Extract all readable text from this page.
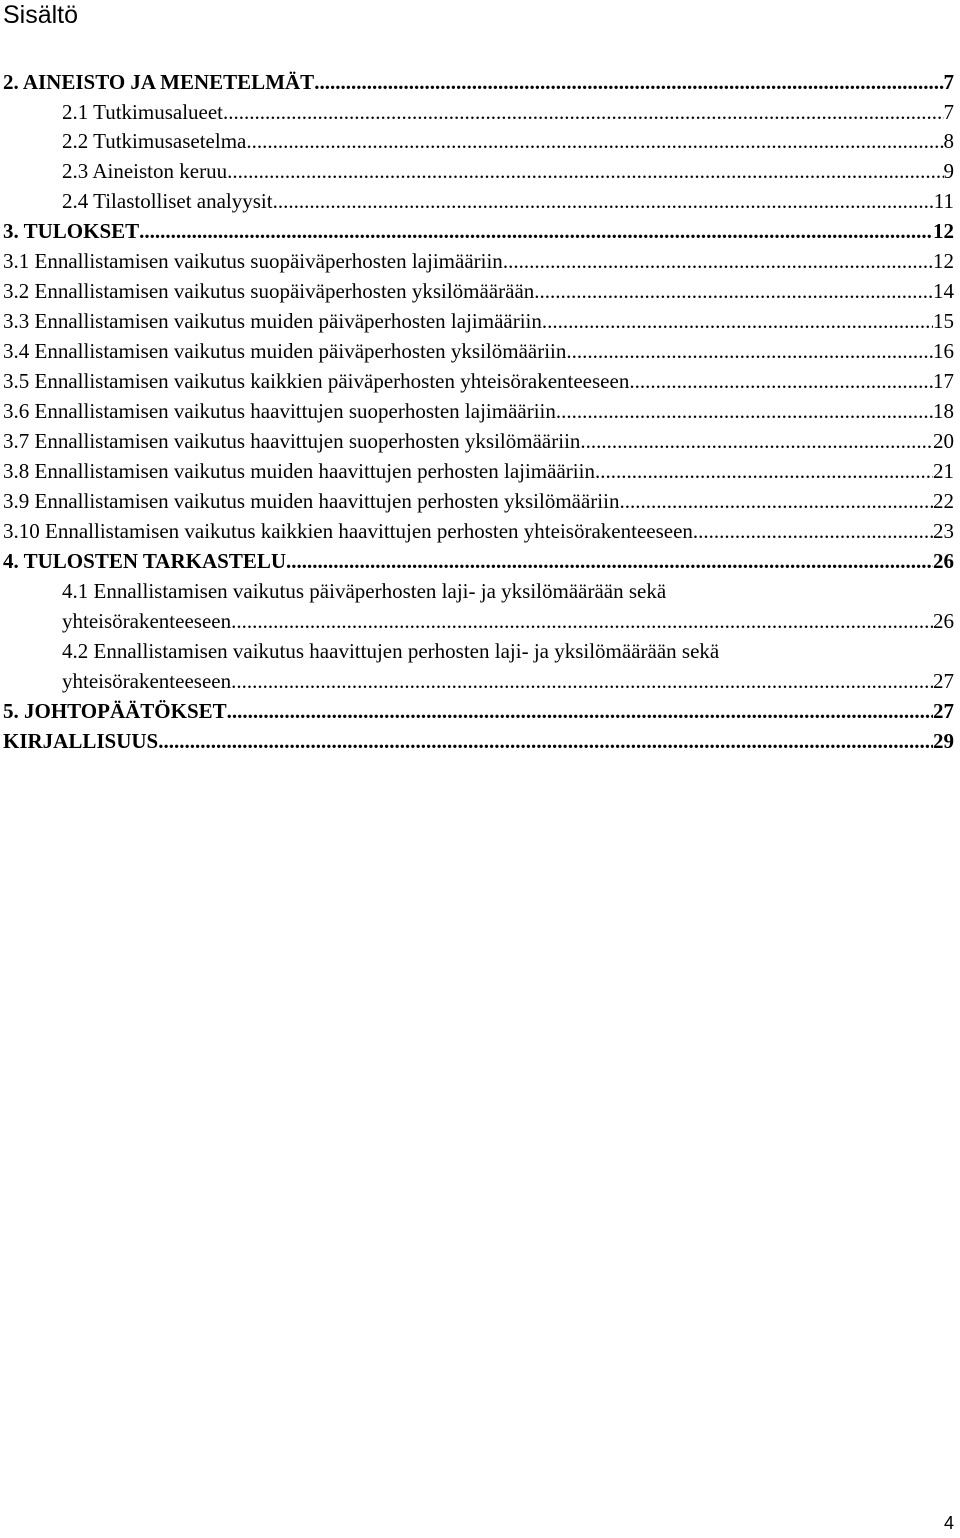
Sisältö
2. AINEISTO JA MENETELMÄT .....	7
2.1 Tutkimusalueet .....	7
2.2 Tutkimusasetelma .....	8
2.3 Aineiston keruu .....	9
2.4 Tilastolliset analyysit .....	11
3. TULOKSET .....	12
3.1 Ennallistamisen vaikutus suopäiväperhosten lajimääriin .....	12
3.2 Ennallistamisen vaikutus suopäiväperhosten yksilömäärään .....	14
3.3 Ennallistamisen vaikutus muiden päiväperhosten lajimääriin .....	15
3.4 Ennallistamisen vaikutus muiden päiväperhosten yksilömääriin .....	16
3.5 Ennallistamisen vaikutus kaikkien päiväperhosten yhteisörakenteeseen .....	17
3.6 Ennallistamisen vaikutus haavittujen suoperhosten lajimääriin .....	18
3.7 Ennallistamisen vaikutus haavittujen suoperhosten yksilömääriin .....	20
3.8 Ennallistamisen vaikutus muiden haavittujen perhosten lajimääriin .....	21
3.9 Ennallistamisen vaikutus muiden haavittujen perhosten yksilömääriin .....	22
3.10 Ennallistamisen vaikutus kaikkien haavittujen perhosten yhteisörakenteeseen. .....	23
4. TULOSTEN TARKASTELU .....	26
4.1 Ennallistamisen vaikutus päiväperhosten laji- ja yksilömäärään sekä
yhteisörakenteeseen .....	26
4.2 Ennallistamisen vaikutus haavittujen perhosten laji- ja yksilömäärään sekä
yhteisörakenteeseen .....	27
5. JOHTOPÄÄTÖKSET .....	27
KIRJALLISUUS .....	29
4
